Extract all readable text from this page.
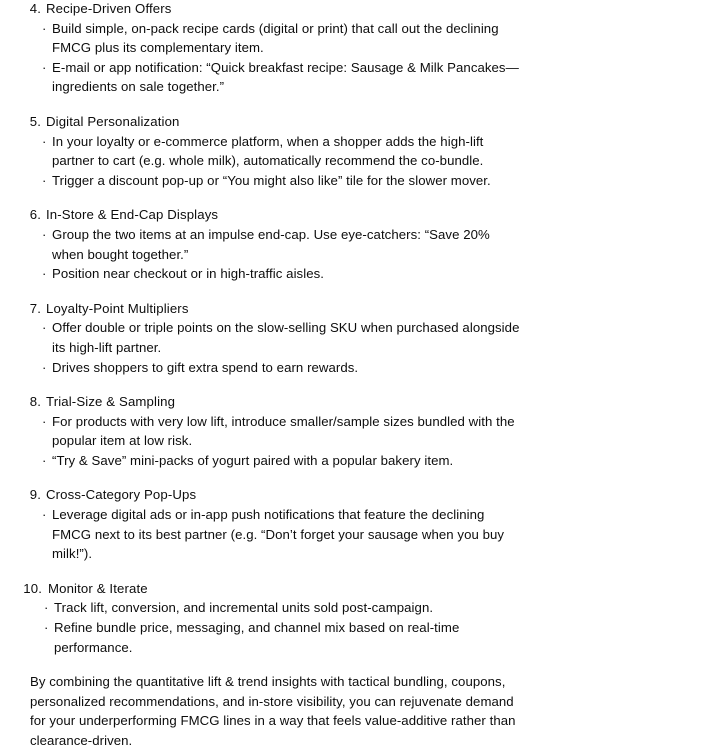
4. Recipe-Driven Offers
· Build simple, on-pack recipe cards (digital or print) that call out the declining FMCG plus its complementary item.
· E-mail or app notification: “Quick breakfast recipe: Sausage & Milk Pancakes—ingredients on sale together.”
5. Digital Personalization
· In your loyalty or e-commerce platform, when a shopper adds the high-lift partner to cart (e.g. whole milk), automatically recommend the co-bundle.
· Trigger a discount pop-up or “You might also like” tile for the slower mover.
6. In-Store & End-Cap Displays
· Group the two items at an impulse end-cap. Use eye-catchers: “Save 20% when bought together.”
· Position near checkout or in high-traffic aisles.
7. Loyalty-Point Multipliers
· Offer double or triple points on the slow-selling SKU when purchased alongside its high-lift partner.
· Drives shoppers to gift extra spend to earn rewards.
8. Trial-Size & Sampling
· For products with very low lift, introduce smaller/sample sizes bundled with the popular item at low risk.
· “Try & Save” mini-packs of yogurt paired with a popular bakery item.
9. Cross-Category Pop-Ups
· Leverage digital ads or in-app push notifications that feature the declining FMCG next to its best partner (e.g. “Don’t forget your sausage when you buy milk!”).
10. Monitor & Iterate
· Track lift, conversion, and incremental units sold post-campaign.
· Refine bundle price, messaging, and channel mix based on real-time performance.

By combining the quantitative lift & trend insights with tactical bundling, coupons, personalized recommendations, and in-store visibility, you can rejuvenate demand for your underperforming FMCG lines in a way that feels value-additive rather than clearance-driven.
